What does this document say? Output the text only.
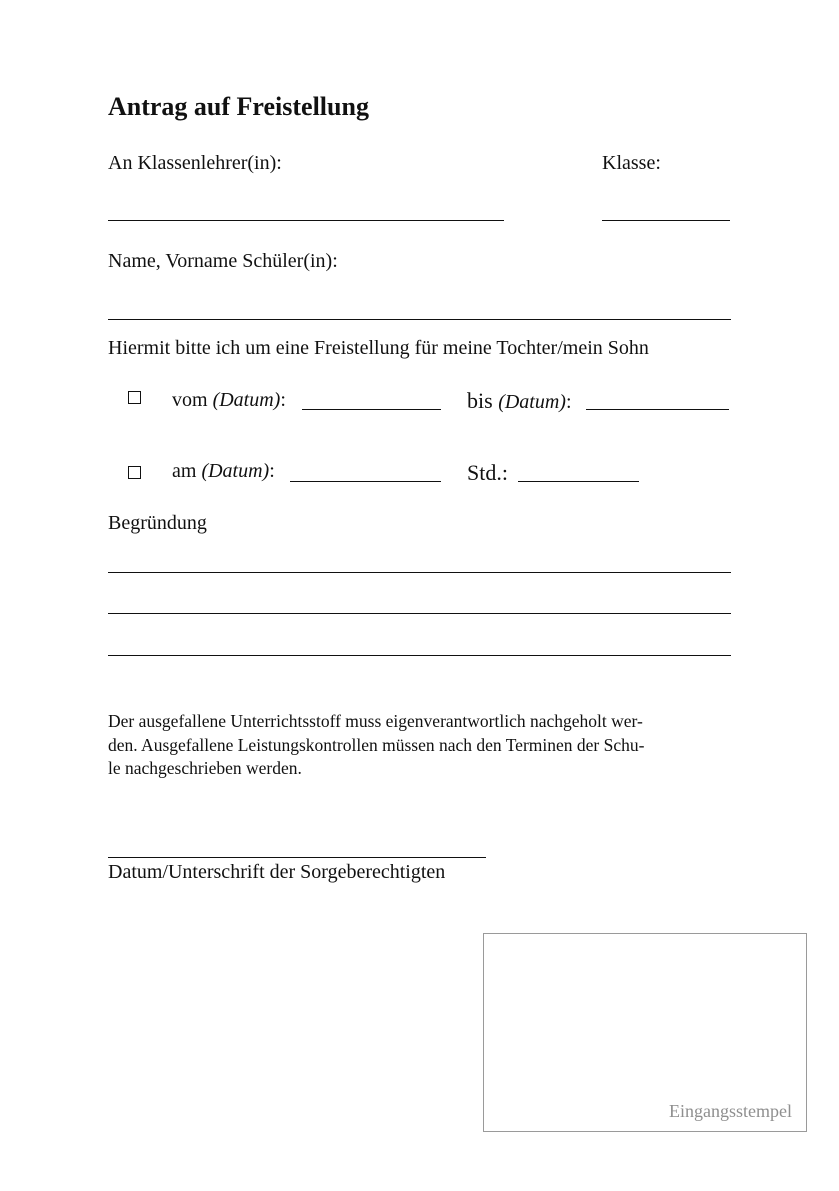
Antrag auf Freistellung
An Klassenlehrer(in):	Klasse:
Name, Vorname Schüler(in):
Hiermit bitte ich um eine Freistellung für meine Tochter/mein Sohn
vom (Datum):	bis (Datum):
am (Datum):	Std.:
Begründung
Der ausgefallene Unterrichtsstoff muss eigenverantwortlich nachgeholt wer-
den. Ausgefallene Leistungskontrollen müssen nach den Terminen der Schu-
le nachgeschrieben werden.
Datum/Unterschrift der Sorgeberechtigten
Eingangsstempel
